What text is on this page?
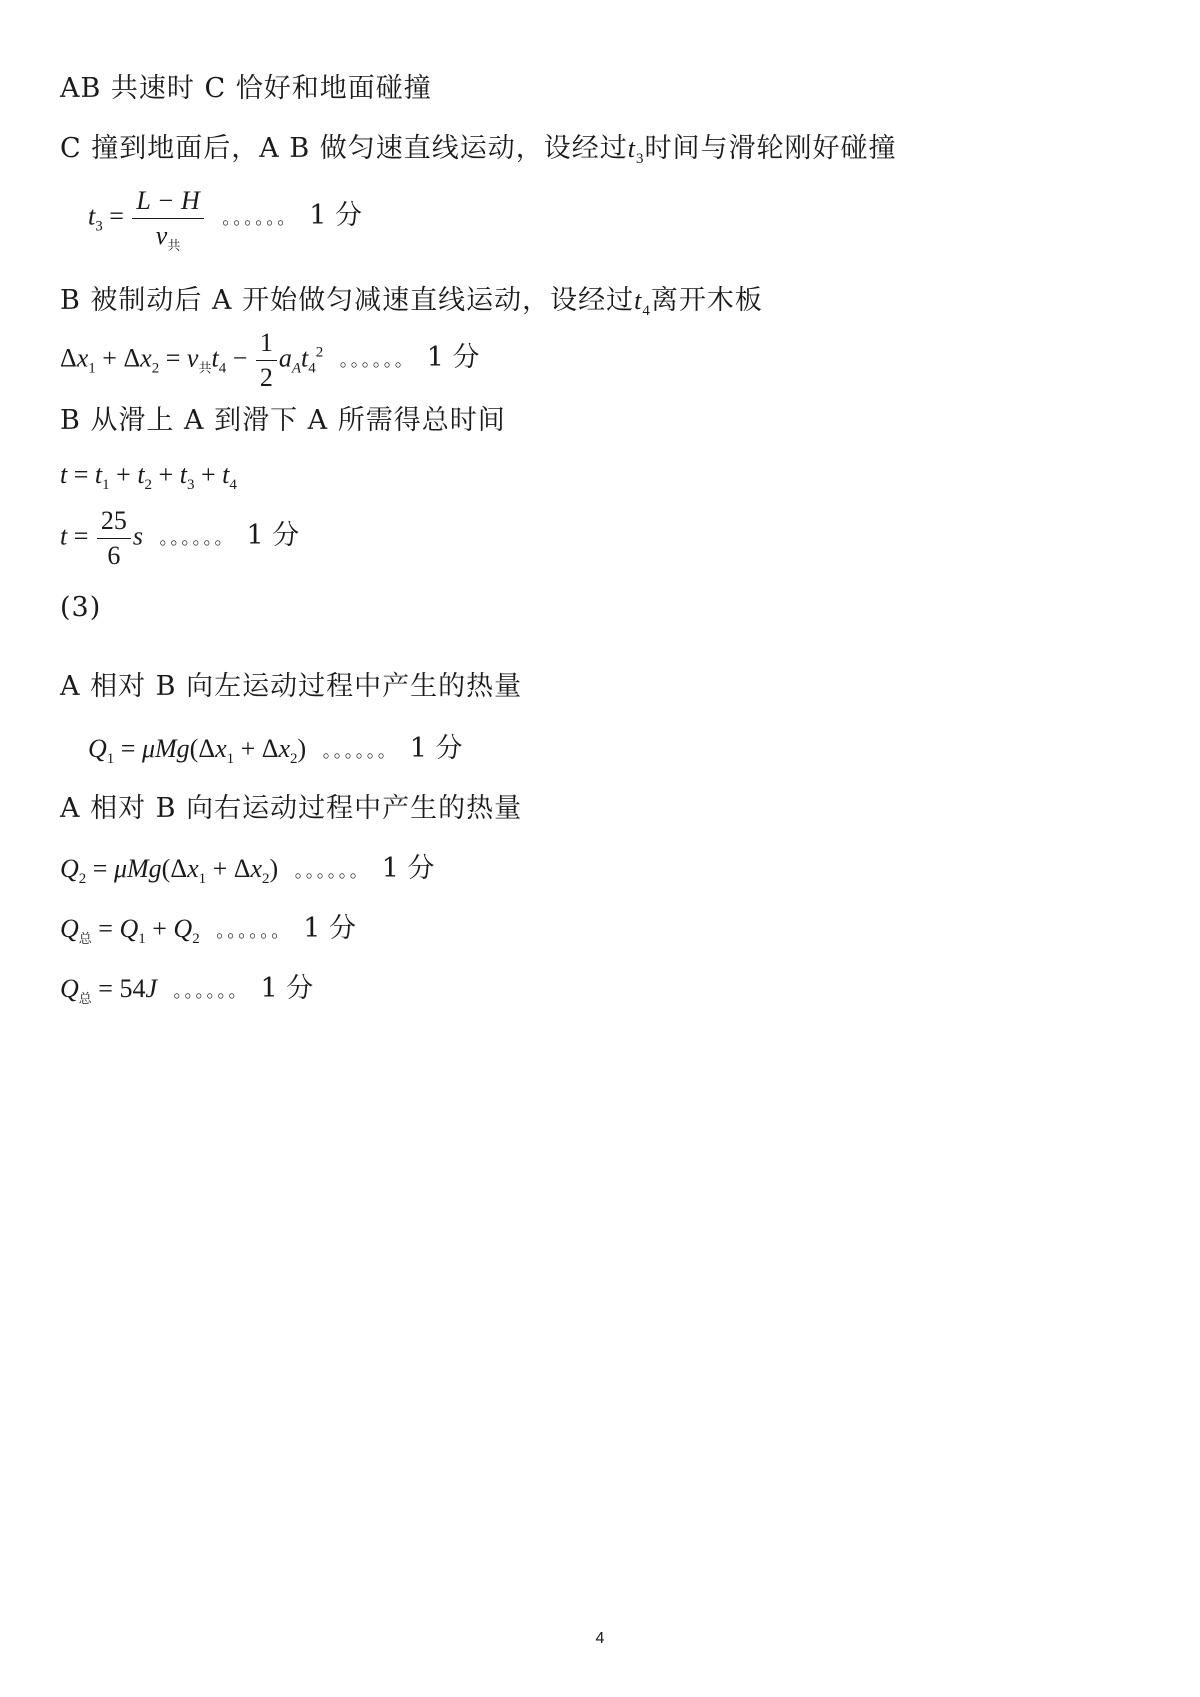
AB 共速时 C 恰好和地面碰撞
C 撞到地面后，A B 做匀速直线运动，设经过$t_3$时间与滑轮刚好碰撞
$t_3 = \frac{L - H}{v_共}$ 。。。。。。 1 分
B 被制动后 A 开始做匀减速直线运动，设经过$t_4$离开木板
$\Delta x_1 + \Delta x_2 = v_共t_4 - \frac{1}{2} a_At_4^2$ 。。。。。。 1 分
B 从滑上 A 到滑下 A 所需得总时间
$t = t_1 + t_2 + t_3 + t_4$
$t = \frac{25}{6}$ s 。。。。。。 1 分
(3)
A 相对 B 向左运动过程中产生的热量
$Q_1 = \mu Mg(\Delta x_1 + \Delta x_2)$ 。。。。。。 1 分
A 相对 B 向右运动过程中产生的热量
$Q_2 = \mu Mg(\Delta x_1 + \Delta x_2)$ 。。。。。。 1 分
$Q_总 = Q_1 + Q_2$ 。。。。。。 1 分
$Q_总 = 54J$ 。。。。。。 1 分
4
